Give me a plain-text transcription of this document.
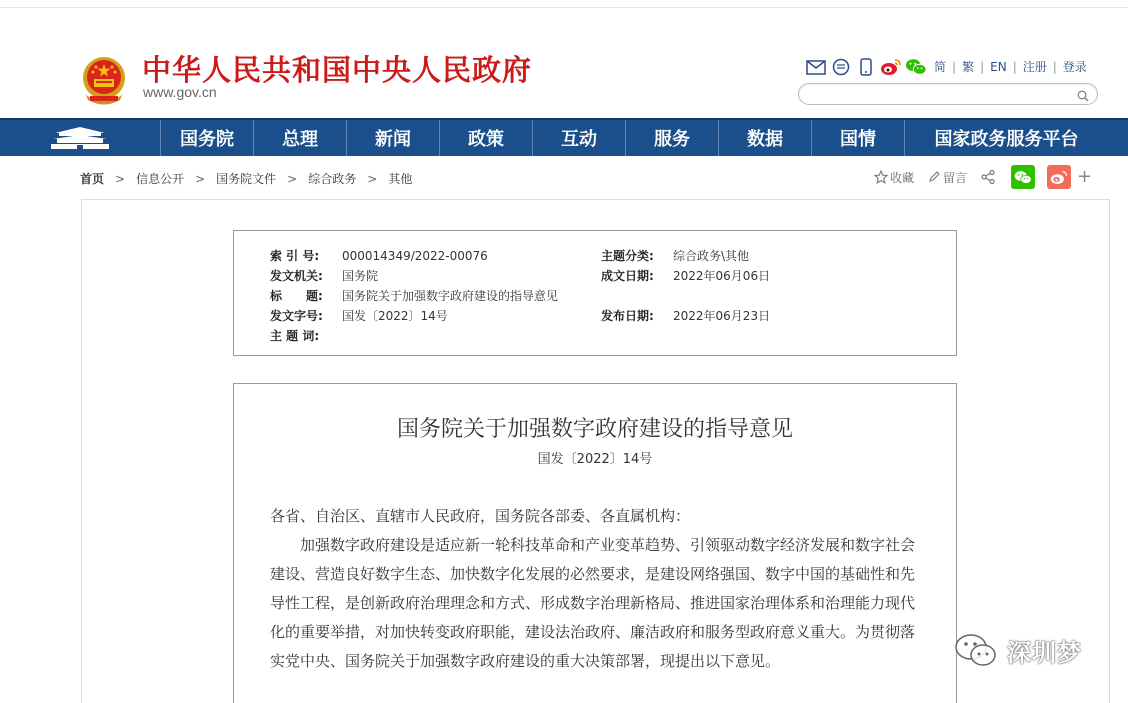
中华人民共和国中央人民政府
www.gov.cn
简 | 繁 | EN | 注册 | 登录
国务院	总理	新闻	政策	互动	服务	数据	国情	国家政务服务平台
首页 > 信息公开 > 国务院文件 > 综合政务 > 其他	收藏 留言	+
索 引 号:	000014349/2022-00076	主题分类:	综合政务\其他
发文机关:	国务院	成文日期:	2022年06月06日
标　　题:	国务院关于加强数字政府建设的指导意见
发文字号:	国发〔2022〕14号	发布日期:	2022年06月23日
主 题 词:
国务院关于加强数字政府建设的指导意见
国发〔2022〕14号

各省、自治区、直辖市人民政府，国务院各部委、各直属机构：

加强数字政府建设是适应新一轮科技革命和产业变革趋势、引领驱动数字经济发展和数字社会建设、营造良好数字生态、加快数字化发展的必然要求，是建设网络强国、数字中国的基础性和先导性工程，是创新政府治理理念和方式、形成数字治理新格局、推进国家治理体系和治理能力现代化的重要举措，对加快转变政府职能，建设法治政府、廉洁政府和服务型政府意义重大。为贯彻落实党中央、国务院关于加强数字政府建设的重大决策部署，现提出以下意见。	深圳梦
